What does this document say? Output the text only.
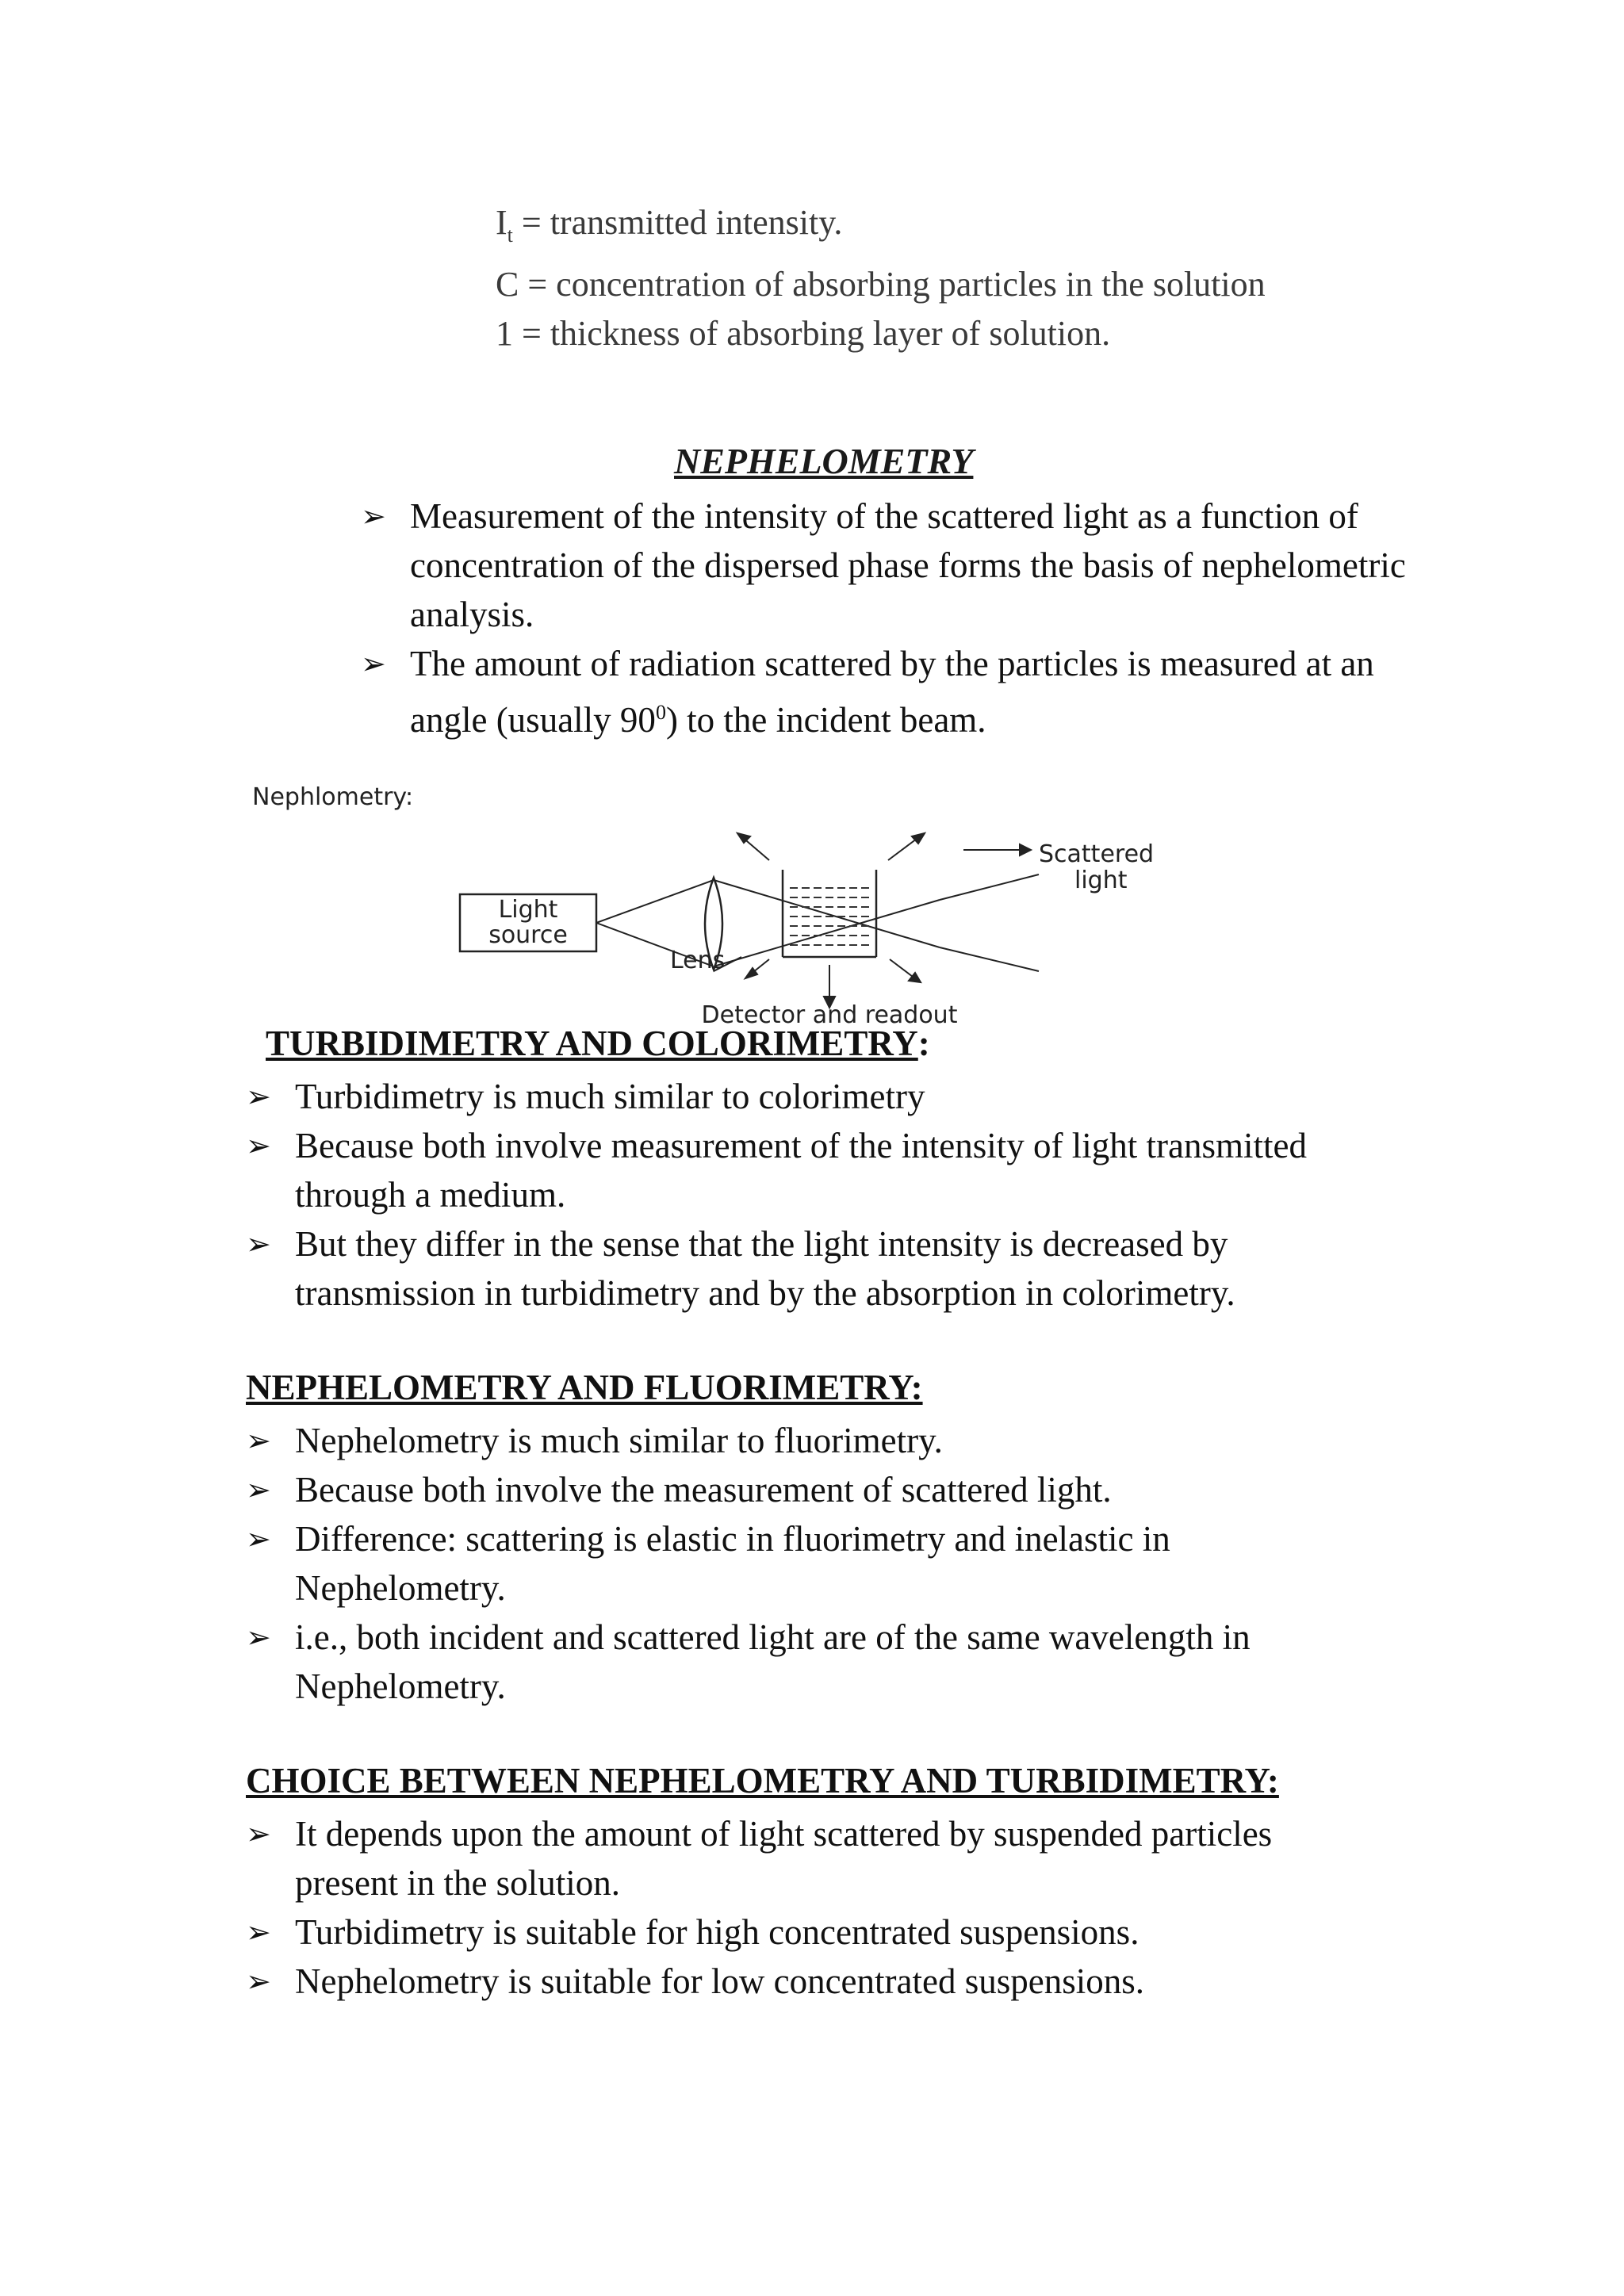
$I_t$ = transmitted intensity.
C = concentration of absorbing particles in the solution
1 = thickness of absorbing layer of solution.
NEPHELOMETRY
➢ Measurement of the intensity of the scattered light as a function of concentration of the dispersed phase forms the basis of nephelometric analysis.
➢ The amount of radiation scattered by the particles is measured at an angle (usually $90^0$) to the incident beam.
Nephlometry:
Light
source
Lens
Scattered
light
Detector and readout
TURBIDIMETRY AND COLORIMETRY:
➢ Turbidimetry is much similar to colorimetry
➢ Because both involve measurement of the intensity of light transmitted through a medium.
➢ But they differ in the sense that the light intensity is decreased by transmission in turbidimetry and by the absorption in colorimetry.
NEPHELOMETRY AND FLUORIMETRY:
➢ Nephelometry is much similar to fluorimetry.
➢ Because both involve the measurement of scattered light.
➢ Difference: scattering is elastic in fluorimetry and inelastic in Nephelometry.
➢ i.e., both incident and scattered light are of the same wavelength in Nephelometry.
CHOICE BETWEEN NEPHELOMETRY AND TURBIDIMETRY:
➢ It depends upon the amount of light scattered by suspended particles present in the solution.
➢ Turbidimetry is suitable for high concentrated suspensions.
➢ Nephelometry is suitable for low concentrated suspensions.
